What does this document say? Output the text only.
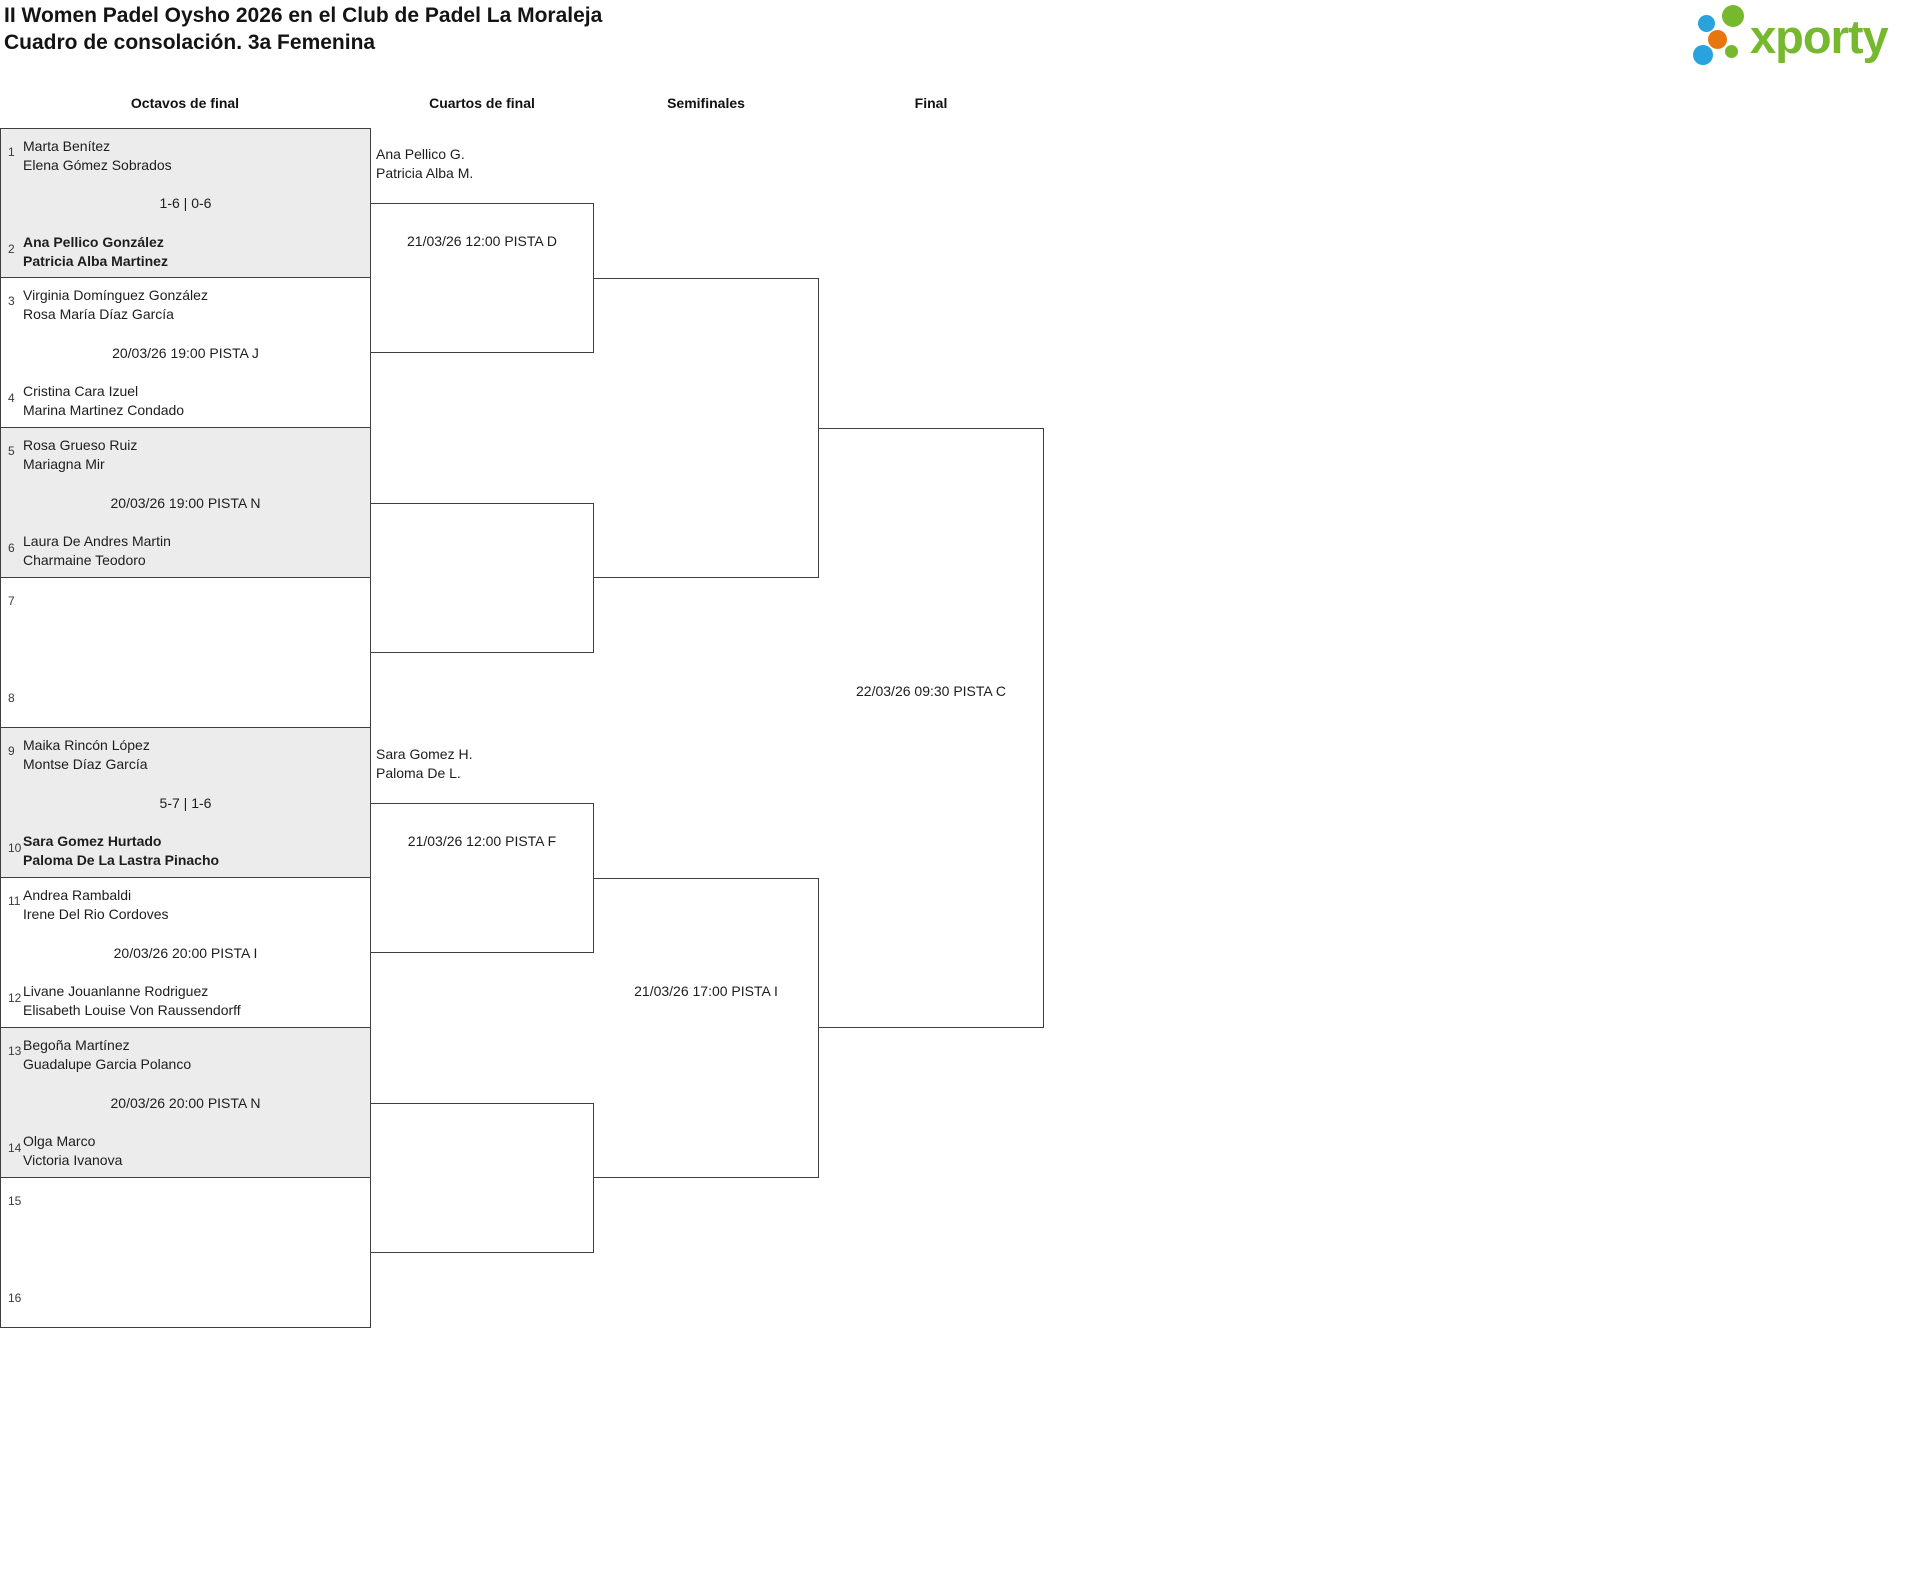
II Women Padel Oysho 2026 en el Club de Padel La Moraleja
Cuadro de consolación. 3a Femenina	xporty
Octavos de final	Cuartos de final	Semifinales	Final
1 Marta Benítez
Elena Gómez Sobrados
1-6 | 0-6
2 Ana Pellico González
Patricia Alba Martinez
3 Virginia Domínguez González
Rosa María Díaz García
20/03/26 19:00 PISTA J
4 Cristina Cara Izuel
Marina Martinez Condado
5 Rosa Grueso Ruiz
Mariagna Mir
20/03/26 19:00 PISTA N
6 Laura De Andres Martin
Charmaine Teodoro
7
8
9 Maika Rincón López
Montse Díaz García
5-7 | 1-6
10 Sara Gomez Hurtado
Paloma De La Lastra Pinacho
11 Andrea Rambaldi
Irene Del Rio Cordoves
20/03/26 20:00 PISTA I
12 Livane Jouanlanne Rodriguez
Elisabeth Louise Von Raussendorff
13 Begoña Martínez
Guadalupe Garcia Polanco
20/03/26 20:00 PISTA N
14 Olga Marco
Victoria Ivanova
15
16
Ana Pellico G.
Patricia Alba M.
21/03/26 12:00 PISTA D
Sara Gomez H.
Paloma De L.
21/03/26 12:00 PISTA F
21/03/26 17:00 PISTA I
22/03/26 09:30 PISTA C
